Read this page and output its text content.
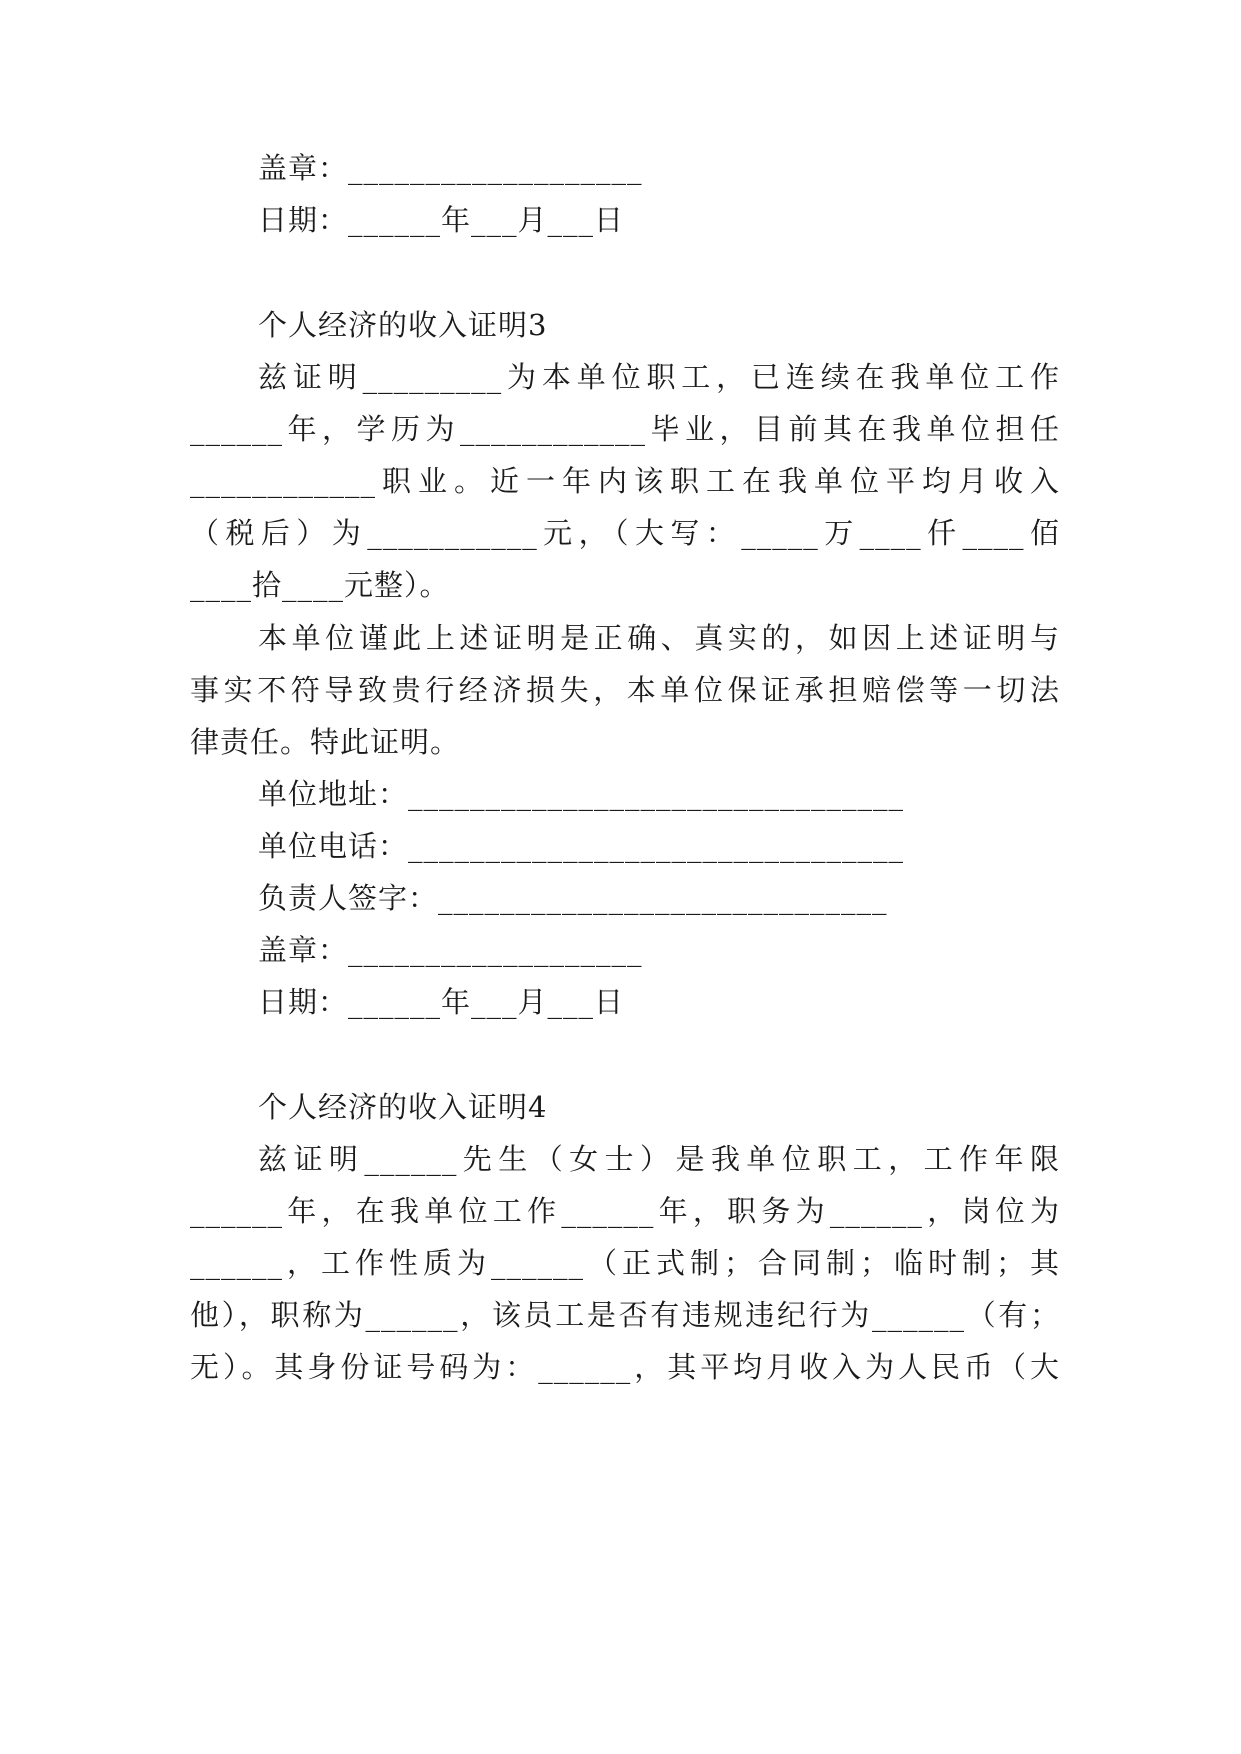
盖章：___________________
日期：______年___月___日
个人经济的收入证明3
兹证明_________为本单位职工，已连续在我单位工作
______年，学历为____________毕业，目前其在我单位担任
____________职业。近一年内该职工在我单位平均月收入
（税后）为___________元，（大写：_____万____仟____佰
____拾____元整）。
本单位谨此上述证明是正确、真实的，如因上述证明与
事实不符导致贵行经济损失，本单位保证承担赔偿等一切法
律责任。特此证明。
单位地址：________________________________
单位电话：________________________________
负责人签字：_____________________________
盖章：___________________
日期：______年___月___日
个人经济的收入证明4
兹证明______先生（女士）是我单位职工，工作年限
______年，在我单位工作______年，职务为______，岗位为
______，工作性质为______（正式制；合同制；临时制；其
他），职称为______，该员工是否有违规违纪行为______（有；
无）。其身份证号码为：______，其平均月收入为人民币（大
